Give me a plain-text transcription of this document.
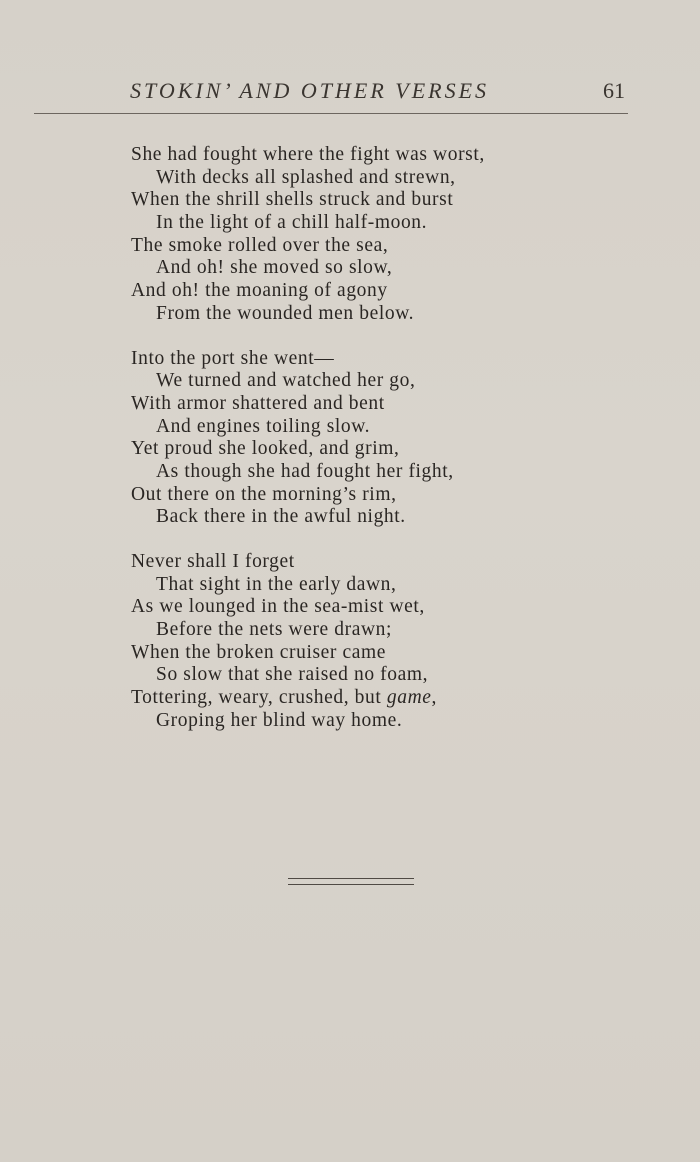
STOKIN’ AND OTHER VERSES	61
She had fought where the fight was worst,
With decks all splashed and strewn,
When the shrill shells struck and burst
In the light of a chill half-moon.
The smoke rolled over the sea,
And oh! she moved so slow,
And oh! the moaning of agony
From the wounded men below.
Into the port she went—
We turned and watched her go,
With armor shattered and bent
And engines toiling slow.
Yet proud she looked, and grim,
As though she had fought her fight,
Out there on the morning’s rim,
Back there in the awful night.
Never shall I forget
That sight in the early dawn,
As we lounged in the sea-mist wet,
Before the nets were drawn;
When the broken cruiser came
So slow that she raised no foam,
Tottering, weary, crushed, but game,
Groping her blind way home.
